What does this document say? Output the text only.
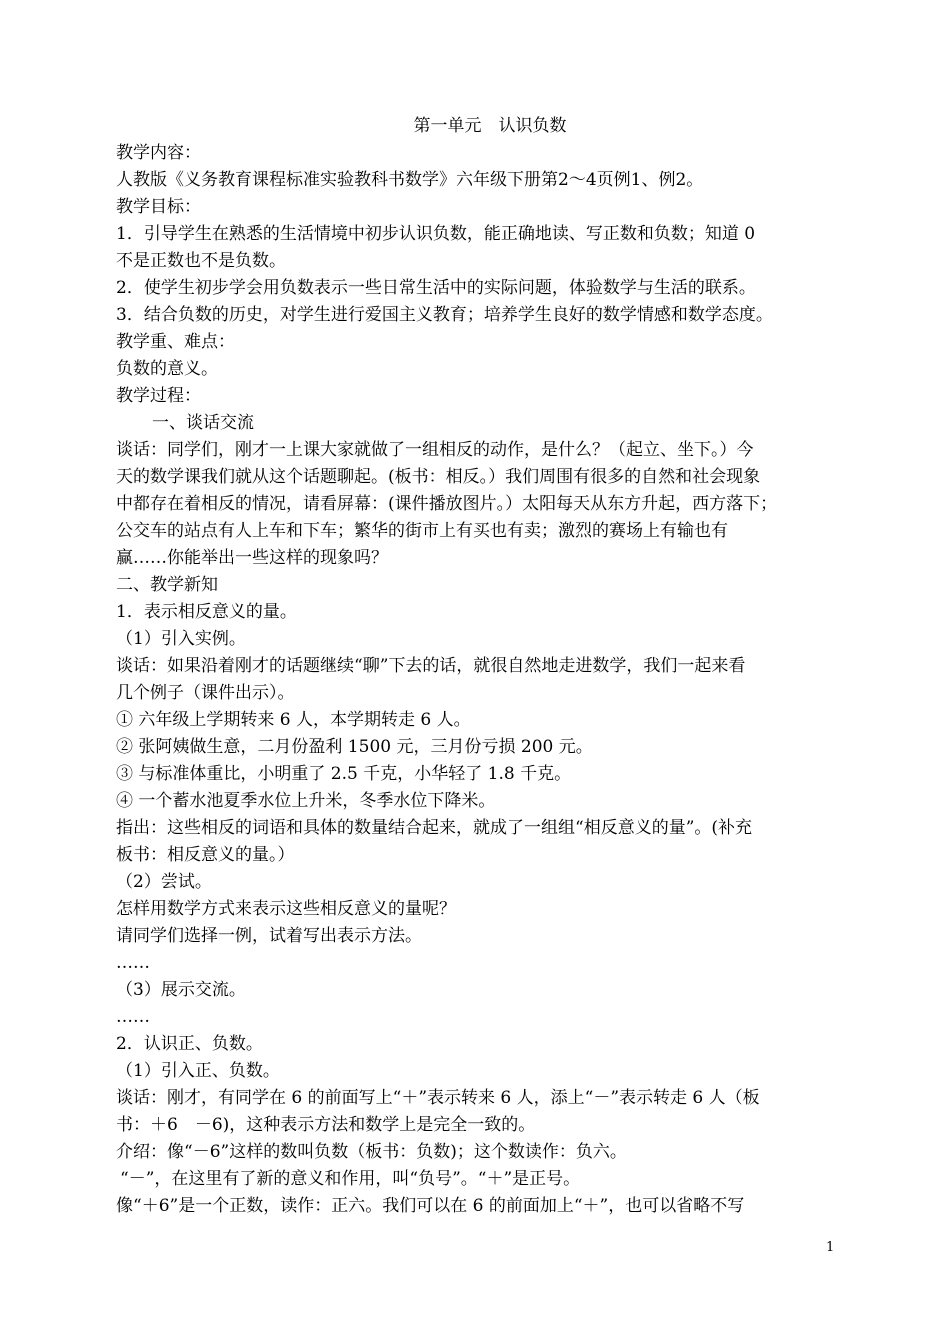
第一单元　认识负数
教学内容：
人教版《义务教育课程标准实验教科书数学》六年级下册第2～4页例1、例2。
教学目标：
1．引导学生在熟悉的生活情境中初步认识负数，能正确地读、写正数和负数；知道 0
不是正数也不是负数。
2．使学生初步学会用负数表示一些日常生活中的实际问题，体验数学与生活的联系。
3．结合负数的历史，对学生进行爱国主义教育；培养学生良好的数学情感和数学态度。
教学重、难点：
负数的意义。
教学过程：
一、谈话交流
谈话：同学们，刚才一上课大家就做了一组相反的动作，是什么？（起立、坐下。）今
天的数学课我们就从这个话题聊起。(板书：相反。）我们周围有很多的自然和社会现象
中都存在着相反的情况，请看屏幕：(课件播放图片。）太阳每天从东方升起，西方落下；
公交车的站点有人上车和下车；繁华的街市上有买也有卖；激烈的赛场上有输也有
赢……你能举出一些这样的现象吗？
二、教学新知
1．表示相反意义的量。
（1）引入实例。
谈话：如果沿着刚才的话题继续“聊”下去的话，就很自然地走进数学，我们一起来看
几个例子（课件出示）。
① 六年级上学期转来 6 人，本学期转走 6 人。
② 张阿姨做生意，二月份盈利 1500 元，三月份亏损 200 元。
③ 与标准体重比，小明重了 2.5 千克，小华轻了 1.8 千克。
④ 一个蓄水池夏季水位上升米，冬季水位下降米。
指出：这些相反的词语和具体的数量结合起来，就成了一组组“相反意义的量”。(补充
板书：相反意义的量。）
（2）尝试。
怎样用数学方式来表示这些相反意义的量呢？
请同学们选择一例，试着写出表示方法。
……
（3）展示交流。
……
2．认识正、负数。
（1）引入正、负数。
谈话：刚才，有同学在 6 的前面写上“＋”表示转来 6 人，添上“－”表示转走 6 人（板
书：＋6　－6)，这种表示方法和数学上是完全一致的。
介绍：像“－6”这样的数叫负数（板书：负数)；这个数读作：负六。
“－”，在这里有了新的意义和作用，叫“负号”。“＋”是正号。
像“＋6”是一个正数，读作：正六。我们可以在 6 的前面加上“＋”，也可以省略不写
1
